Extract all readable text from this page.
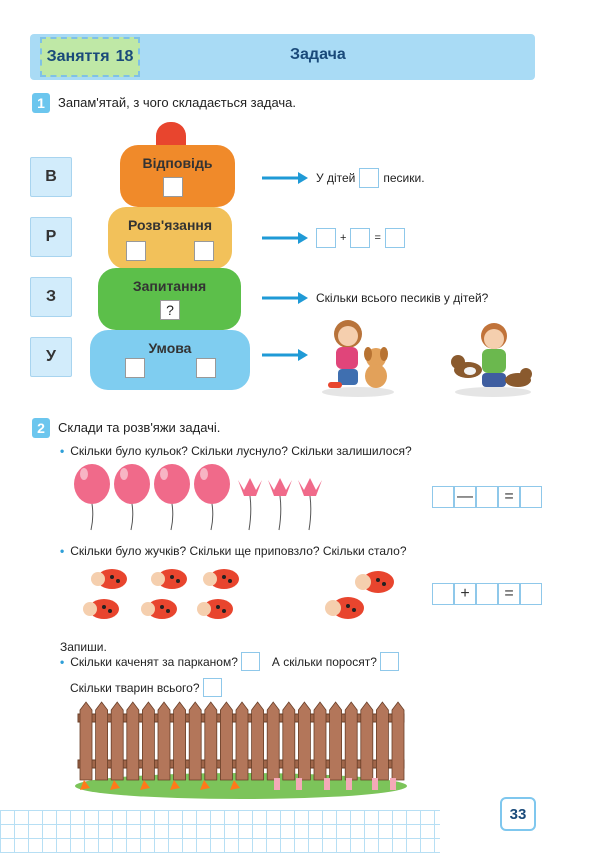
Заняття 18	Задача
1	Запам'ятай, з чого складається задача.
В
Р
З
У
Відповідь
Розв'язання
Запитання
?
Умова
У дітей песики.
+	=
Скільки всього песиків у дітей?
2	Склади та розв'яжи задачі.
• Скільки було кульок? Скільки луснуло? Скільки залишилося?
—	=
• Скільки було жучків? Скільки ще приповзло? Скільки стало?
+	=
Запиши.
• Скільки каченят за парканом?	А скільки поросят?
Скільки тварин всього?
33
